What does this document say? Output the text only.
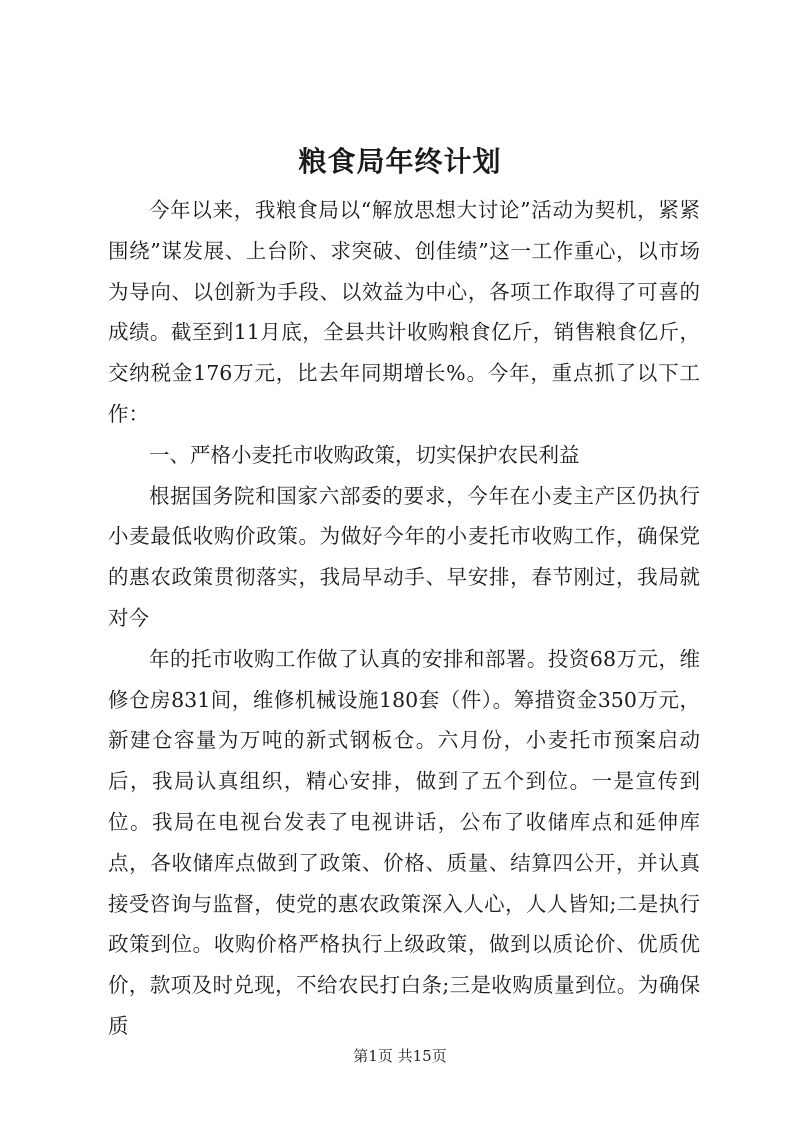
粮食局年终计划

今年以来，我粮食局以“解放思想大讨论”活动为契机，紧紧围绕”谋发展、上台阶、求突破、创佳绩”这一工作重心，以市场为导向、以创新为手段、以效益为中心，各项工作取得了可喜的成绩。截至到11月底，全县共计收购粮食亿斤，销售粮食亿斤，交纳税金176万元，比去年同期增长%。今年，重点抓了以下工作：

一、严格小麦托市收购政策，切实保护农民利益

根据国务院和国家六部委的要求，今年在小麦主产区仍执行小麦最低收购价政策。为做好今年的小麦托市收购工作，确保党的惠农政策贯彻落实，我局早动手、早安排，春节刚过，我局就对今

年的托市收购工作做了认真的安排和部署。投资68万元，维修仓房831间，维修机械设施180套（件）。筹措资金350万元，新建仓容量为万吨的新式钢板仓。六月份，小麦托市预案启动后，我局认真组织，精心安排，做到了五个到位。一是宣传到位。我局在电视台发表了电视讲话，公布了收储库点和延伸库点，各收储库点做到了政策、价格、质量、结算四公开，并认真接受咨询与监督，使党的惠农政策深入人心，人人皆知;二是执行政策到位。收购价格严格执行上级政策，做到以质论价、优质优价，款项及时兑现，不给农民打白条;三是收购质量到位。为确保质

第1页 共15页
